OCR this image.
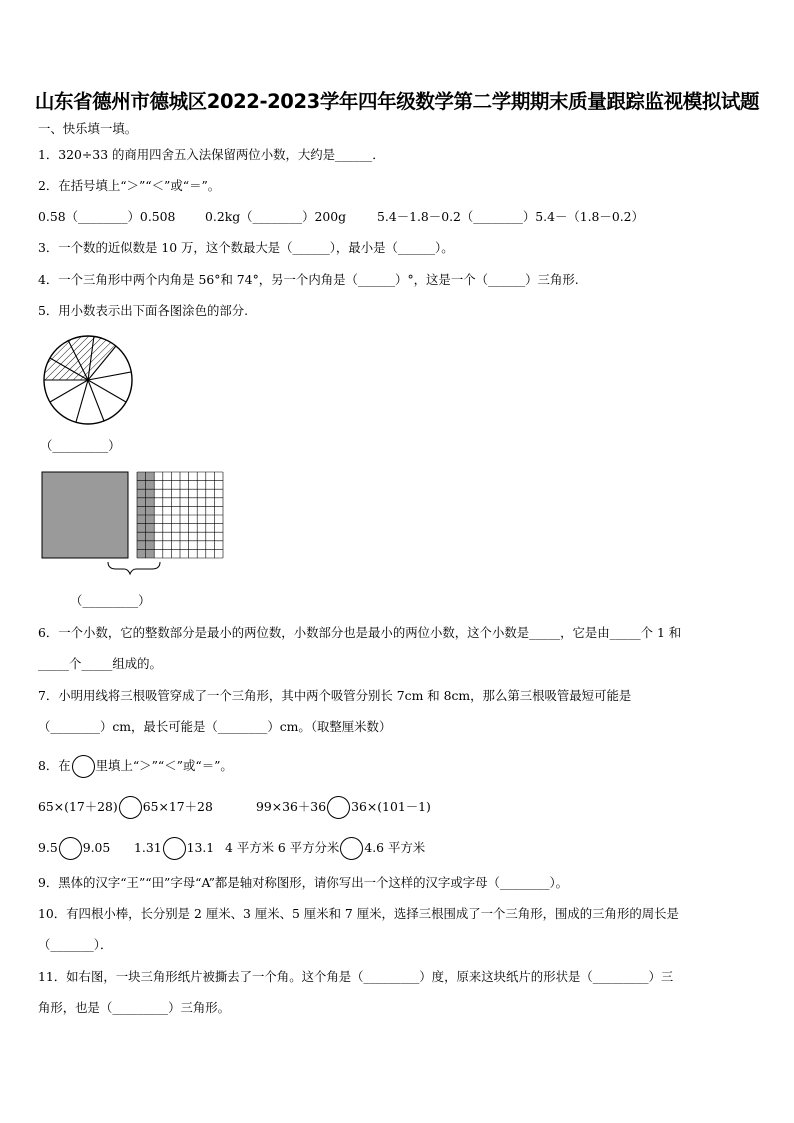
山东省德州市德城区2022-2023学年四年级数学第二学期期末质量跟踪监视模拟试题
一、快乐填一填。
1．320÷33 的商用四舍五入法保留两位小数，大约是______．
2．在括号填上“＞”“＜”或“＝”。
0.58（________）0.508 0.2kg（________）200g 5.4－1.8－0.2（________）5.4－（1.8－0.2）
3．一个数的近似数是 10 万，这个数最大是（______），最小是（______）。
4．一个三角形中两个内角是 56°和 74°，另一个内角是（______）°，这是一个（______）三角形.
5．用小数表示出下面各图涂色的部分.
（_________）
（_________）
6．一个小数，它的整数部分是最小的两位数，小数部分也是最小的两位小数，这个小数是_____，它是由_____个 1 和
_____个_____组成的。
7．小明用线将三根吸管穿成了一个三角形，其中两个吸管分别长 7cm 和 8cm，那么第三根吸管最短可能是
（________）cm，最长可能是（________）cm。（取整厘米数）
8．在 里填上“＞”“＜”或“＝”。
65×(17＋28) 65×17＋28	99×36＋36 36×(101－1)
9.5 9.05 1.31 13.1 4 平方米 6 平方分米 4.6 平方米
9．黑体的汉字“王”“田”字母“A”都是轴对称图形，请你写出一个这样的汉字或字母（________）。
10．有四根小棒，长分别是 2 厘米、3 厘米、5 厘米和 7 厘米，选择三根围成了一个三角形，围成的三角形的周长是
（_______）．
11．如右图，一块三角形纸片被撕去了一个角。这个角是（_________）度，原来这块纸片的形状是（_________）三
角形，也是（_________）三角形。
